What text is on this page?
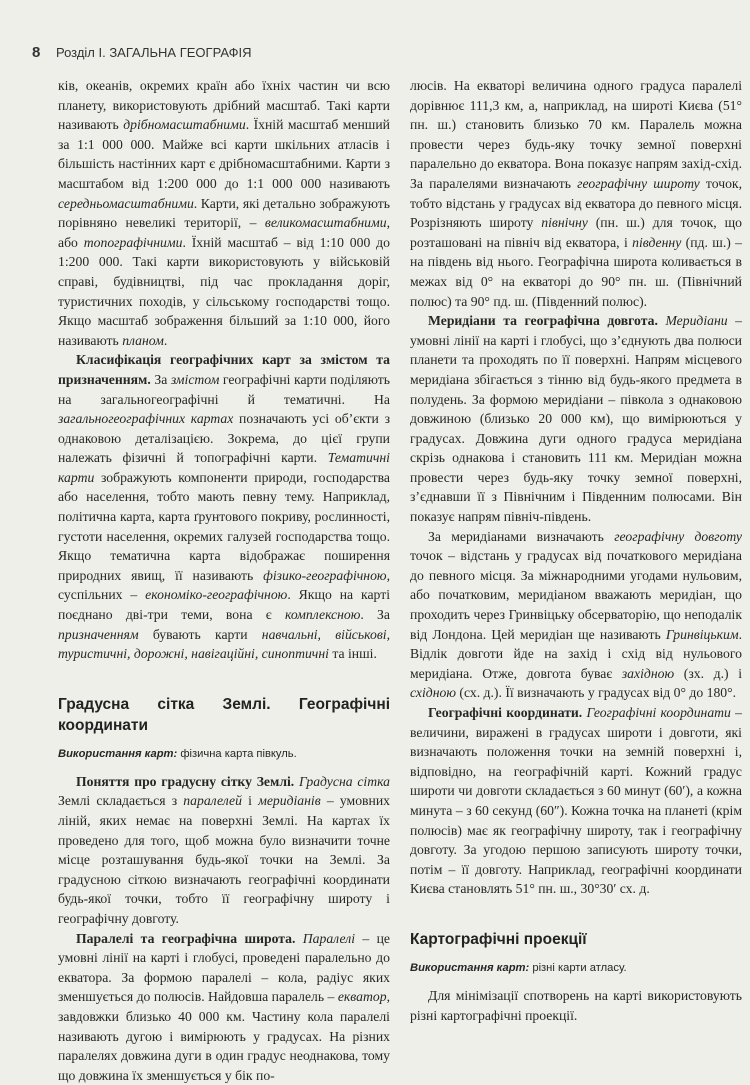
8 Розділ I. ЗАГАЛЬНА ГЕОГРАФІЯ

ків, океанів, окремих країн або їхніх частин чи всю планету, використовують дрібний масштаб. Такі карти називають дрібномасштабними. Їхній масштаб менший за 1:1 000 000. Майже всі карти шкільних атласів і більшість настінних карт є дрібномасштабними. Карти з масштабом від 1:200 000 до 1:1 000 000 називають середньомасштабними. Карти, які детально зображують порівняно невеликі території, – великомасштабними, або топографічними. Їхній масштаб – від 1:10 000 до 1:200 000. Такі карти використовують у військовій справі, будівництві, під час прокладання доріг, туристичних походів, у сільському господарстві тощо. Якщо масштаб зображення більший за 1:10 000, його називають планом.

Класифікація географічних карт за змістом та призначенням. За змістом географічні карти поділяють на загальногеографічні й тематичні. На загальногеографічних картах позначають усі об’єкти з однаковою деталізацією. Зокрема, до цієї групи належать фізичні й топографічні карти. Тематичні карти зображують компоненти природи, господарства або населення, тобто мають певну тему. Наприклад, політична карта, карта ґрунтового покриву, рослинності, густоти населення, окремих галузей господарства тощо. Якщо тематична карта відображає поширення природних явищ, її називають фізико-географічною, суспільних – економіко-географічною. Якщо на карті поєднано дві-три теми, вона є комплексною. За призначенням бувають карти навчальні, військові, туристичні, дорожні, навігаційні, синоптичні та інші.

Градусна сітка Землі. Географічні координати
Використання карт: фізична карта півкуль.

Поняття про градусну сітку Землі. Градусна сітка Землі складається з паралелей і меридіанів – умовних ліній, яких немає на поверхні Землі. На картах їх проведено для того, щоб можна було визначити точне місце розташування будь-якої точки на Землі. За градусною сіткою визначають географічні координати будь-якої точки, тобто її географічну широту і географічну довготу.

Паралелі та географічна широта. Паралелі – це умовні лінії на карті і глобусі, проведені паралельно до екватора. За формою паралелі – кола, радіус яких зменшується до полюсів. Найдовша паралель – екватор, завдовжки близько 40 000 км. Частину кола паралелі називають дугою і вимірюють у градусах. На різних паралелях довжина дуги в один градус неоднакова, тому що довжина їх зменшується у бік по-

люсів. На екваторі величина одного градуса паралелі дорівнює 111,3 км, а, наприклад, на широті Києва (51° пн. ш.) становить близько 70 км. Паралель можна провести через будь-яку точку земної поверхні паралельно до екватора. Вона показує напрям захід-схід. За паралелями визначають географічну широту точок, тобто відстань у градусах від екватора до певного місця. Розрізняють широту північну (пн. ш.) для точок, що розташовані на північ від екватора, і південну (пд. ш.) – на південь від нього. Географічна широта коливається в межах від 0° на екваторі до 90° пн. ш. (Північний полюс) та 90° пд. ш. (Південний полюс).

Меридіани та географічна довгота. Меридіани – умовні лінії на карті і глобусі, що з’єднують два полюси планети та проходять по її поверхні. Напрям місцевого меридіана збігається з тінню від будь-якого предмета в полудень. За формою меридіани – півкола з однаковою довжиною (близько 20 000 км), що вимірюються у градусах. Довжина дуги одного градуса меридіана скрізь однакова і становить 111 км. Меридіан можна провести через будь-яку точку земної поверхні, з’єднавши її з Північним і Південним полюсами. Він показує напрям північ-південь.

За меридіанами визначають географічну довготу точок – відстань у градусах від початкового меридіана до певного місця. За міжнародними угодами нульовим, або початковим, меридіаном вважають меридіан, що проходить через Гринвіцьку обсерваторію, що неподалік від Лондона. Цей меридіан ще називають Гринвіцьким. Відлік довготи йде на захід і схід від нульового меридіана. Отже, довгота буває західною (зх. д.) і східною (сх. д.). Її визначають у градусах від 0° до 180°.

Географічні координати. Географічні координати – величини, виражені в градусах широти і довготи, які визначають положення точки на земній поверхні і, відповідно, на географічній карті. Кожний градус широти чи довготи складається з 60 минут (60′), а кожна минута – з 60 секунд (60″). Кожна точка на планеті (крім полюсів) має як географічну широту, так і географічну довготу. За угодою першою записують широту точки, потім – її довготу. Наприклад, географічні координати Києва становлять 51° пн. ш., 30°30′ сх. д.

Картографічні проекції
Використання карт: різні карти атласу.

Для мінімізації спотворень на карті використовують різні картографічні проекції.
